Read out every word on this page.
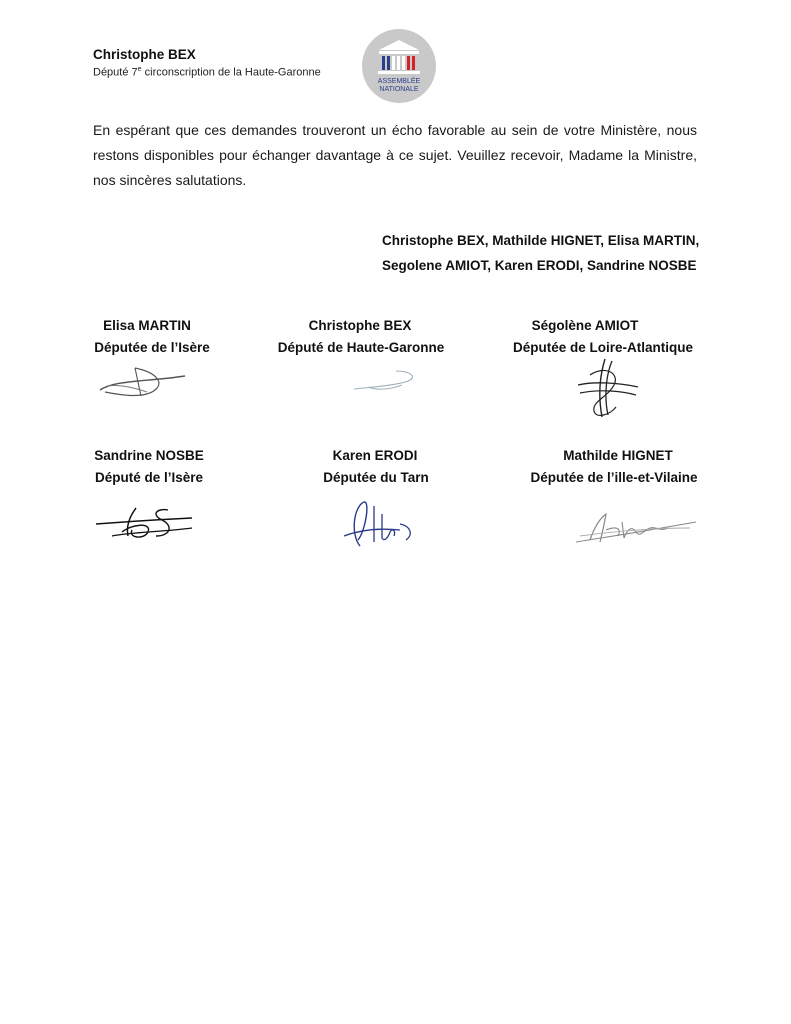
Christophe BEX
Député 7e circonscription de la Haute-Garonne
ASSEMBLÉE
NATIONALE
En espérant que ces demandes trouveront un écho favorable au sein de votre Ministère, nous restons disponibles pour échanger davantage à ce sujet. Veuillez recevoir, Madame la Ministre, nos sincères salutations.
Christophe BEX, Mathilde HIGNET, Elisa MARTIN,
Segolene AMIOT, Karen ERODI, Sandrine NOSBE
Elisa MARTIN
Députée de l’Isère
Christophe BEX
Député de Haute-Garonne
Ségolène AMIOT
Députée de Loire-Atlantique
Sandrine NOSBE
Député de l’Isère
Karen ERODI
Députée du Tarn
Mathilde HIGNET
Députée de l’ille-et-Vilaine
